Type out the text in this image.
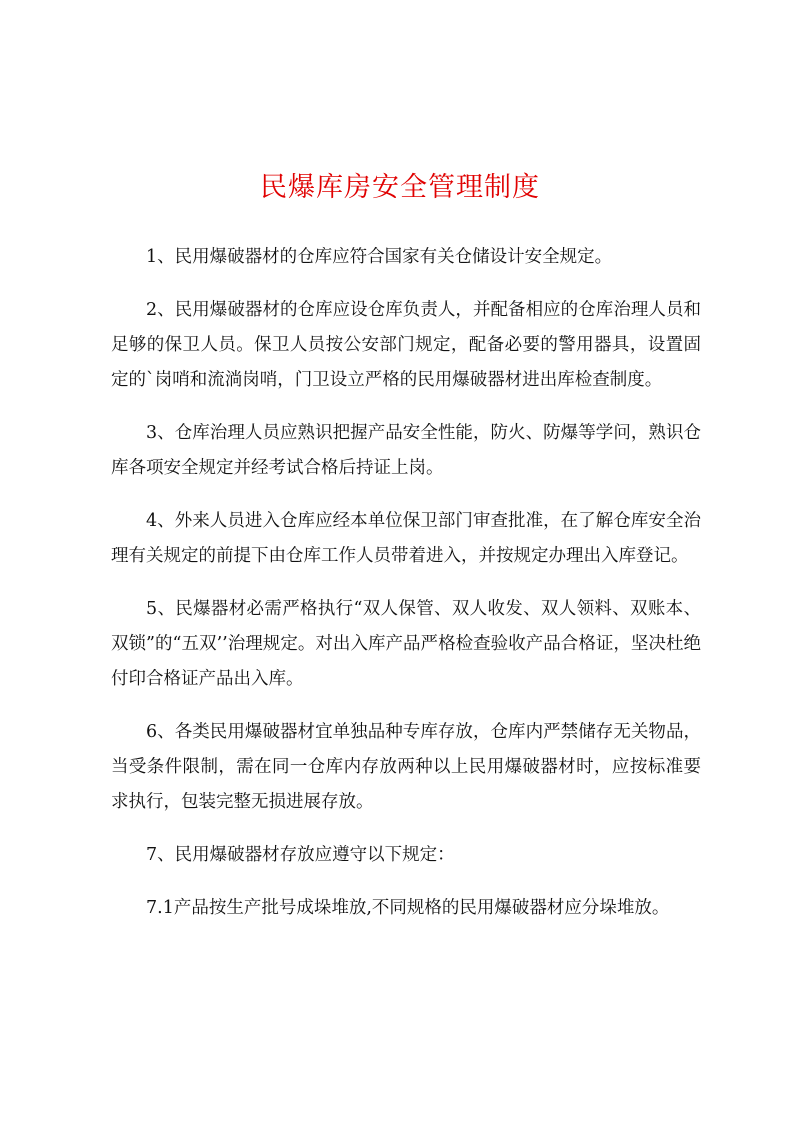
民爆库房安全管理制度

1、民用爆破器材的仓库应符合国家有关仓储设计安全规定。

2、民用爆破器材的仓库应设仓库负责人，并配备相应的仓库治理人员和足够的保卫人员。保卫人员按公安部门规定，配备必要的警用器具，设置固定的`岗哨和流淌岗哨，门卫设立严格的民用爆破器材进出库检查制度。

3、仓库治理人员应熟识把握产品安全性能，防火、防爆等学问，熟识仓库各项安全规定并经考试合格后持证上岗。

4、外来人员进入仓库应经本单位保卫部门审查批准，在了解仓库安全治理有关规定的前提下由仓库工作人员带着进入，并按规定办理出入库登记。

5、民爆器材必需严格执行“双人保管、双人收发、双人领料、双账本、双锁”的“五双’’治理规定。对出入库产品严格检查验收产品合格证，坚决杜绝付印合格证产品出入库。

6、各类民用爆破器材宜单独品种专库存放，仓库内严禁储存无关物品，当受条件限制，需在同一仓库内存放两种以上民用爆破器材时，应按标准要求执行，包装完整无损进展存放。

7、民用爆破器材存放应遵守以下规定：

7.1产品按生产批号成垛堆放,不同规格的民用爆破器材应分垛堆放。
